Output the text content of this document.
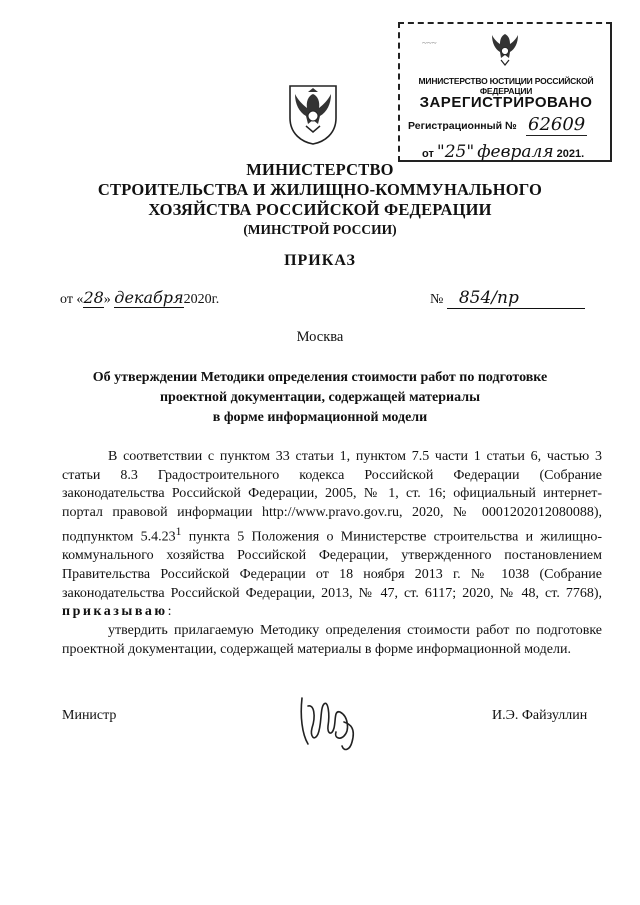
~~~
МИНИСТЕРСТВО ЮСТИЦИИ РОССИЙСКОЙ ФЕДЕРАЦИИ
ЗАРЕГИСТРИРОВАНО
Регистрационный № 62609
от "25" февраля 2021.
МИНИСТЕРСТВО
СТРОИТЕЛЬСТВА И ЖИЛИЩНО-КОММУНАЛЬНОГО
ХОЗЯЙСТВА РОССИЙСКОЙ ФЕДЕРАЦИИ
(МИНСТРОЙ РОССИИ)
ПРИКАЗ
от «28» декабря2020г.	№ 854/пр
Москва
Об утверждении Методики определения стоимости работ по подготовке
проектной документации, содержащей материалы
в форме информационной модели

В соответствии с пунктом 33 статьи 1, пунктом 7.5 части 1 статьи 6, частью 3 статьи 8.3 Градостроительного кодекса Российской Федерации (Собрание законодательства Российской Федерации, 2005, № 1, ст. 16; официальный интернет-портал правовой информации http://www.pravo.gov.ru, 2020, № 0001202012080088), подпунктом 5.4.23$^1$ пункта 5 Положения о Министерстве строительства и жилищно-коммунального хозяйства Российской Федерации, утвержденного постановлением Правительства Российской Федерации от 18 ноября 2013 г. № 1038 (Собрание законодательства Российской Федерации, 2013, № 47, ст. 6117; 2020, № 48, ст. 7768), приказываю:

утвердить прилагаемую Методику определения стоимости работ по подготовке проектной документации, содержащей материалы в форме информационной модели.

Министр	И.Э. Файзуллин
